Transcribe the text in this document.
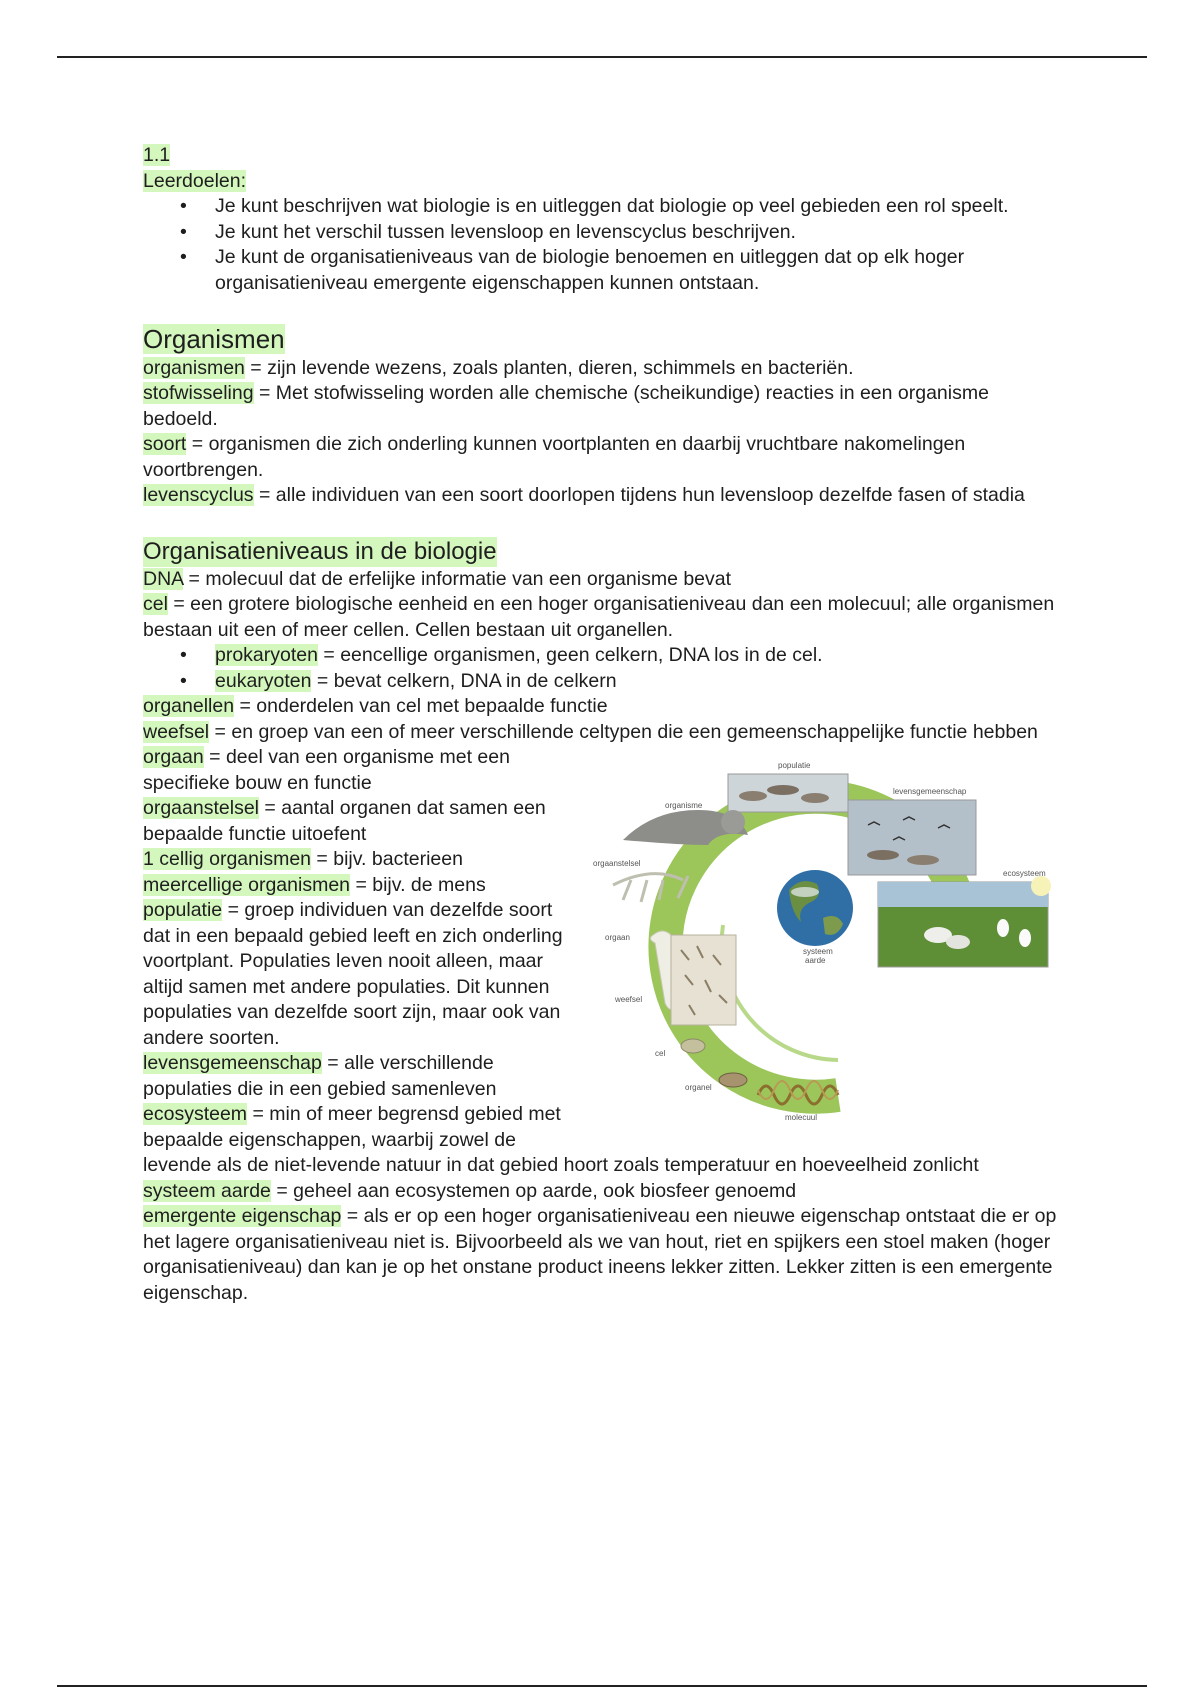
1.1
Leerdoelen:
• Je kunt beschrijven wat biologie is en uitleggen dat biologie op veel gebieden een rol speelt.
• Je kunt het verschil tussen levensloop en levenscyclus beschrijven.
• Je kunt de organisatieniveaus van de biologie benoemen en uitleggen dat op elk hoger organisatieniveau emergente eigenschappen kunnen ontstaan.
Organismen

organismen = zijn levende wezens, zoals planten, dieren, schimmels en bacteriën.

stofwisseling = Met stofwisseling worden alle chemische (scheikundige) reacties in een organisme bedoeld.

soort = organismen die zich onderling kunnen voortplanten en daarbij vruchtbare nakomelingen voortbrengen.

levenscyclus = alle individuen van een soort doorlopen tijdens hun levensloop dezelfde fasen of stadia

Organisatieniveaus in de biologie

DNA = molecuul dat de erfelijke informatie van een organisme bevat

cel = een grotere biologische eenheid en een hoger organisatieniveau dan een molecuul; alle organismen bestaan uit een of meer cellen. Cellen bestaan uit organellen.

• prokaryoten = eencellige organismen, geen celkern, DNA los in de cel.
• eukaryoten = bevat celkern, DNA in de celkern

organellen = onderdelen van cel met bepaalde functie

weefsel = en groep van een of meer verschillende celtypen die een gemeenschappelijke functie hebben

populatie
levensgemeenschap
organisme
orgaanstelsel
ecosysteem
orgaan
systeem
aarde
weefsel
cel
organel
molecuul

orgaan = deel van een organisme met een specifieke bouw en functie

orgaanstelsel = aantal organen dat samen een bepaalde functie uitoefent

1 cellig organismen = bijv. bacterieen

meercellige organismen = bijv. de mens

populatie = groep individuen van dezelfde soort dat in een bepaald gebied leeft en zich onderling voortplant. Populaties leven nooit alleen, maar altijd samen met andere populaties. Dit kunnen populaties van dezelfde soort zijn, maar ook van andere soorten.

levensgemeenschap = alle verschillende populaties die in een gebied samenleven

ecosysteem = min of meer begrensd gebied met bepaalde eigenschappen, waarbij zowel de levende als de niet-levende natuur in dat gebied hoort zoals temperatuur en hoeveelheid zonlicht

systeem aarde = geheel aan ecosystemen op aarde, ook biosfeer genoemd

emergente eigenschap = als er op een hoger organisatieniveau een nieuwe eigenschap ontstaat die er op het lagere organisatieniveau niet is. Bijvoorbeeld als we van hout, riet en spijkers een stoel maken (hoger organisatieniveau) dan kan je op het onstane product ineens lekker zitten. Lekker zitten is een emergente eigenschap.
